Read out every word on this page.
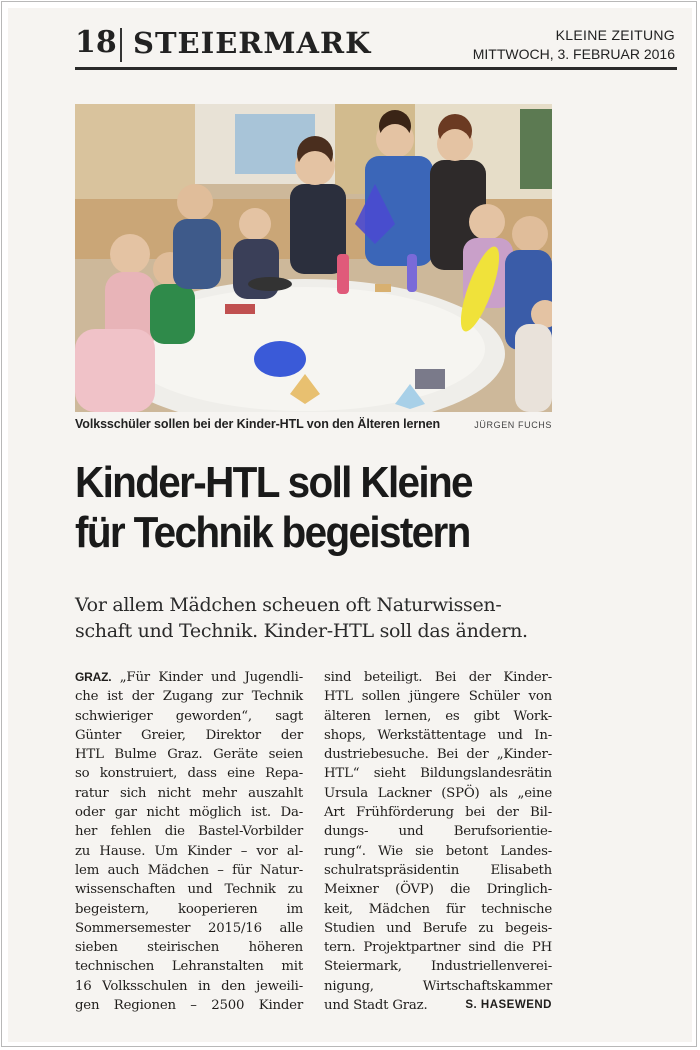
18 STEIERMARK	KLEINE ZEITUNG
MITTWOCH, 3. FEBRUAR 2016
Volksschüler sollen bei der Kinder-HTL von den Älteren lernen	JÜRGEN FUCHS
Kinder-HTL soll Kleine
für Technik begeistern
Vor allem Mädchen scheuen oft Naturwissen-
schaft und Technik. Kinder-HTL soll das ändern.
GRAZ. „Für Kinder und Jugendli-
che ist der Zugang zur Technik
schwieriger geworden“, sagt
Günter Greier, Direktor der
HTL Bulme Graz. Geräte seien
so konstruiert, dass eine Repa-
ratur sich nicht mehr auszahlt
oder gar nicht möglich ist. Da-
her fehlen die Bastel-Vorbilder
zu Hause. Um Kinder – vor al-
lem auch Mädchen – für Natur-
wissenschaften und Technik zu
begeistern, kooperieren im
Sommersemester 2015/16 alle
sieben steirischen höheren
technischen Lehranstalten mit
16 Volksschulen in den jeweili-
gen Regionen – 2500 Kinder
sind beteiligt. Bei der Kinder-
HTL sollen jüngere Schüler von
älteren lernen, es gibt Work-
shops, Werkstättentage und In-
dustriebesuche. Bei der „Kinder-
HTL“ sieht Bildungslandesrätin
Ursula Lackner (SPÖ) als „eine
Art Frühförderung bei der Bil-
dungs- und Berufsorientie-
rung“. Wie sie betont Landes-
schulratspräsidentin Elisabeth
Meixner (ÖVP) die Dringlich-
keit, Mädchen für technische
Studien und Berufe zu begeis-
tern. Projektpartner sind die PH
Steiermark, Industriellenverei-
nigung, Wirtschaftskammer
und Stadt Graz.	S. HASEWEND
